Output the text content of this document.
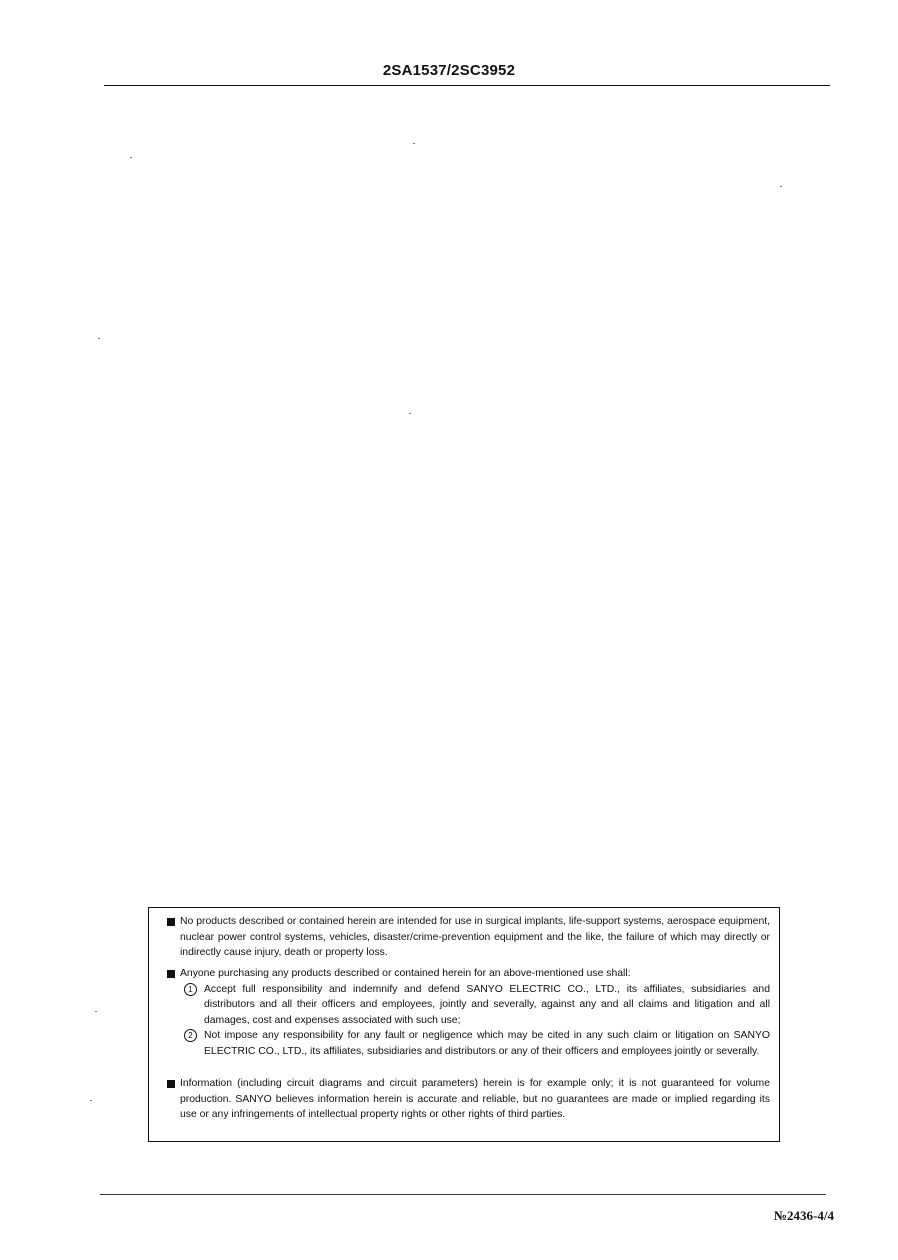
2SA1537/2SC3952
No products described or contained herein are intended for use in surgical implants, life-support systems, aerospace equipment, nuclear power control systems, vehicles, disaster/crime-prevention equipment and the like, the failure of which may directly or indirectly cause injury, death or property loss.
Anyone purchasing any products described or contained herein for an above-mentioned use shall:
1	Accept full responsibility and indemnify and defend SANYO ELECTRIC CO., LTD., its affiliates, subsidiaries and distributors and all their officers and employees, jointly and severally, against any and all claims and litigation and all damages, cost and expenses associated with such use;
2	Not impose any responsibility for any fault or negligence which may be cited in any such claim or litigation on SANYO ELECTRIC CO., LTD., its affiliates, subsidiaries and distributors or any of their officers and employees jointly or severally.
Information (including circuit diagrams and circuit parameters) herein is for example only; it is not guaranteed for volume production. SANYO believes information herein is accurate and reliable, but no guarantees are made or implied regarding its use or any infringements of intellectual property rights or other rights of third parties.
№2436-4/4
